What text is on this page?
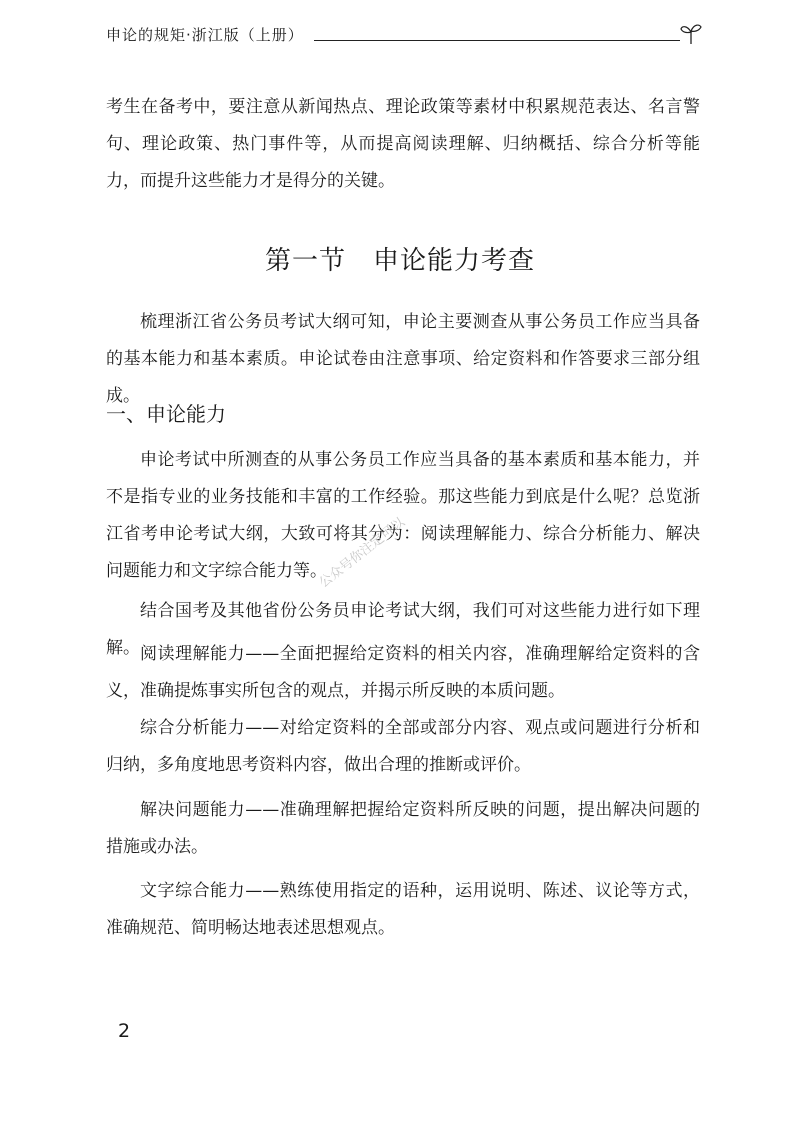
申论的规矩·浙江版（上册）

考生在备考中，要注意从新闻热点、理论政策等素材中积累规范表达、名言警句、理论政策、热门事件等，从而提高阅读理解、归纳概括、综合分析等能力，而提升这些能力才是得分的关键。

第一节　申论能力考查

梳理浙江省公务员考试大纲可知，申论主要测查从事公务员工作应当具备的基本能力和基本素质。申论试卷由注意事项、给定资料和作答要求三部分组成。

一、申论能力

申论考试中所测查的从事公务员工作应当具备的基本素质和基本能力，并不是指专业的业务技能和丰富的工作经验。那这些能力到底是什么呢？总览浙江省考申论考试大纲，大致可将其分为：阅读理解能力、综合分析能力、解决问题能力和文字综合能力等。

结合国考及其他省份公务员申论考试大纲，我们可对这些能力进行如下理解。 阅读理解能力——全面把握给定资料的相关内容，准确理解给定资料的含义，准确提炼事实所包含的观点，并揭示所反映的本质问题。

综合分析能力——对给定资料的全部或部分内容、观点或问题进行分析和归纳，多角度地思考资料内容，做出合理的推断或评价。

解决问题能力——准确理解把握给定资料所反映的问题，提出解决问题的措施或办法。

文字综合能力——熟练使用指定的语种，运用说明、陈述、议论等方式，准确规范、简明畅达地表述思想观点。

公众号你注定可以
2
